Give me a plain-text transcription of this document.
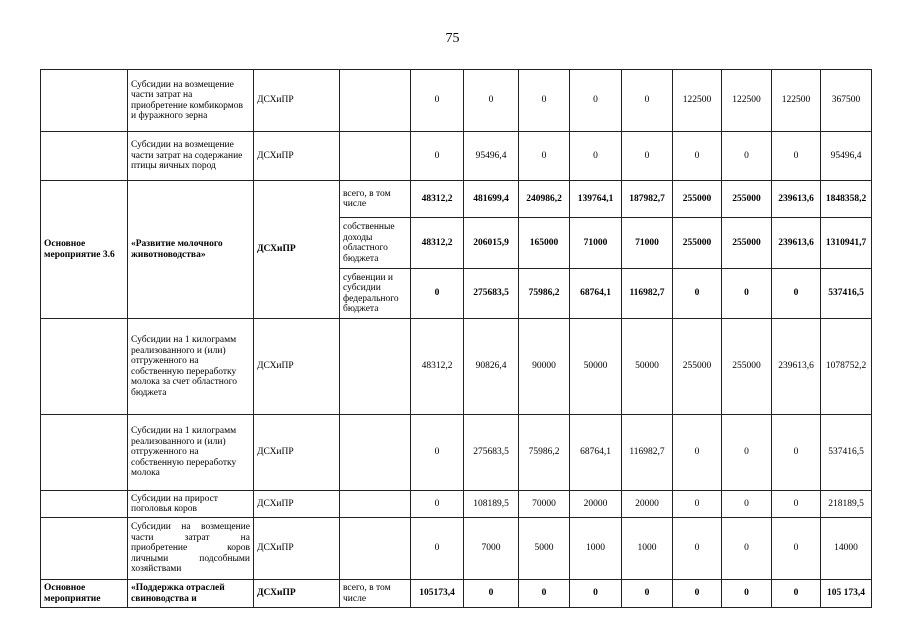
75
	Субсидии на возмещение части затрат на приобретение комбикормов и фуражного зерна	ДСХиПР		0	0	0	0	0	122500	122500	122500	367500
	Субсидии на возмещение части затрат на содержание птицы яичных пород	ДСХиПР		0	95496,4	0	0	0	0	0	0	95496,4
Основное мероприятие 3.6	«Развитие молочного животноводства»	ДСХиПР	всего, в том числе	48312,2	481699,4	240986,2	139764,1	187982,7	255000	255000	239613,6	1848358,2
			собственные доходы областного бюджета	48312,2	206015,9	165000	71000	71000	255000	255000	239613,6	1310941,7
			субвенции и субсидии федерального бюджета	0	275683,5	75986,2	68764,1	116982,7	0	0	0	537416,5
	Субсидии на 1 килограмм реализованного и (или) отгруженного на собственную переработку молока за счет областного бюджета	ДСХиПР		48312,2	90826,4	90000	50000	50000	255000	255000	239613,6	1078752,2
	Субсидии на 1 килограмм реализованного и (или) отгруженного на собственную переработку молока	ДСХиПР		0	275683,5	75986,2	68764,1	116982,7	0	0	0	537416,5
	Субсидии на прирост поголовья коров	ДСХиПР		0	108189,5	70000	20000	20000	0	0	0	218189,5
	Субсидии на возмещение части затрат на приобретение коров личными подсобными хозяйствами	ДСХиПР		0	7000	5000	1000	1000	0	0	0	14000
Основное мероприятие	«Поддержка отраслей свиноводства и	ДСХиПР	всего, в том числе	105173,4	0	0	0	0	0	0	0	105 173,4
